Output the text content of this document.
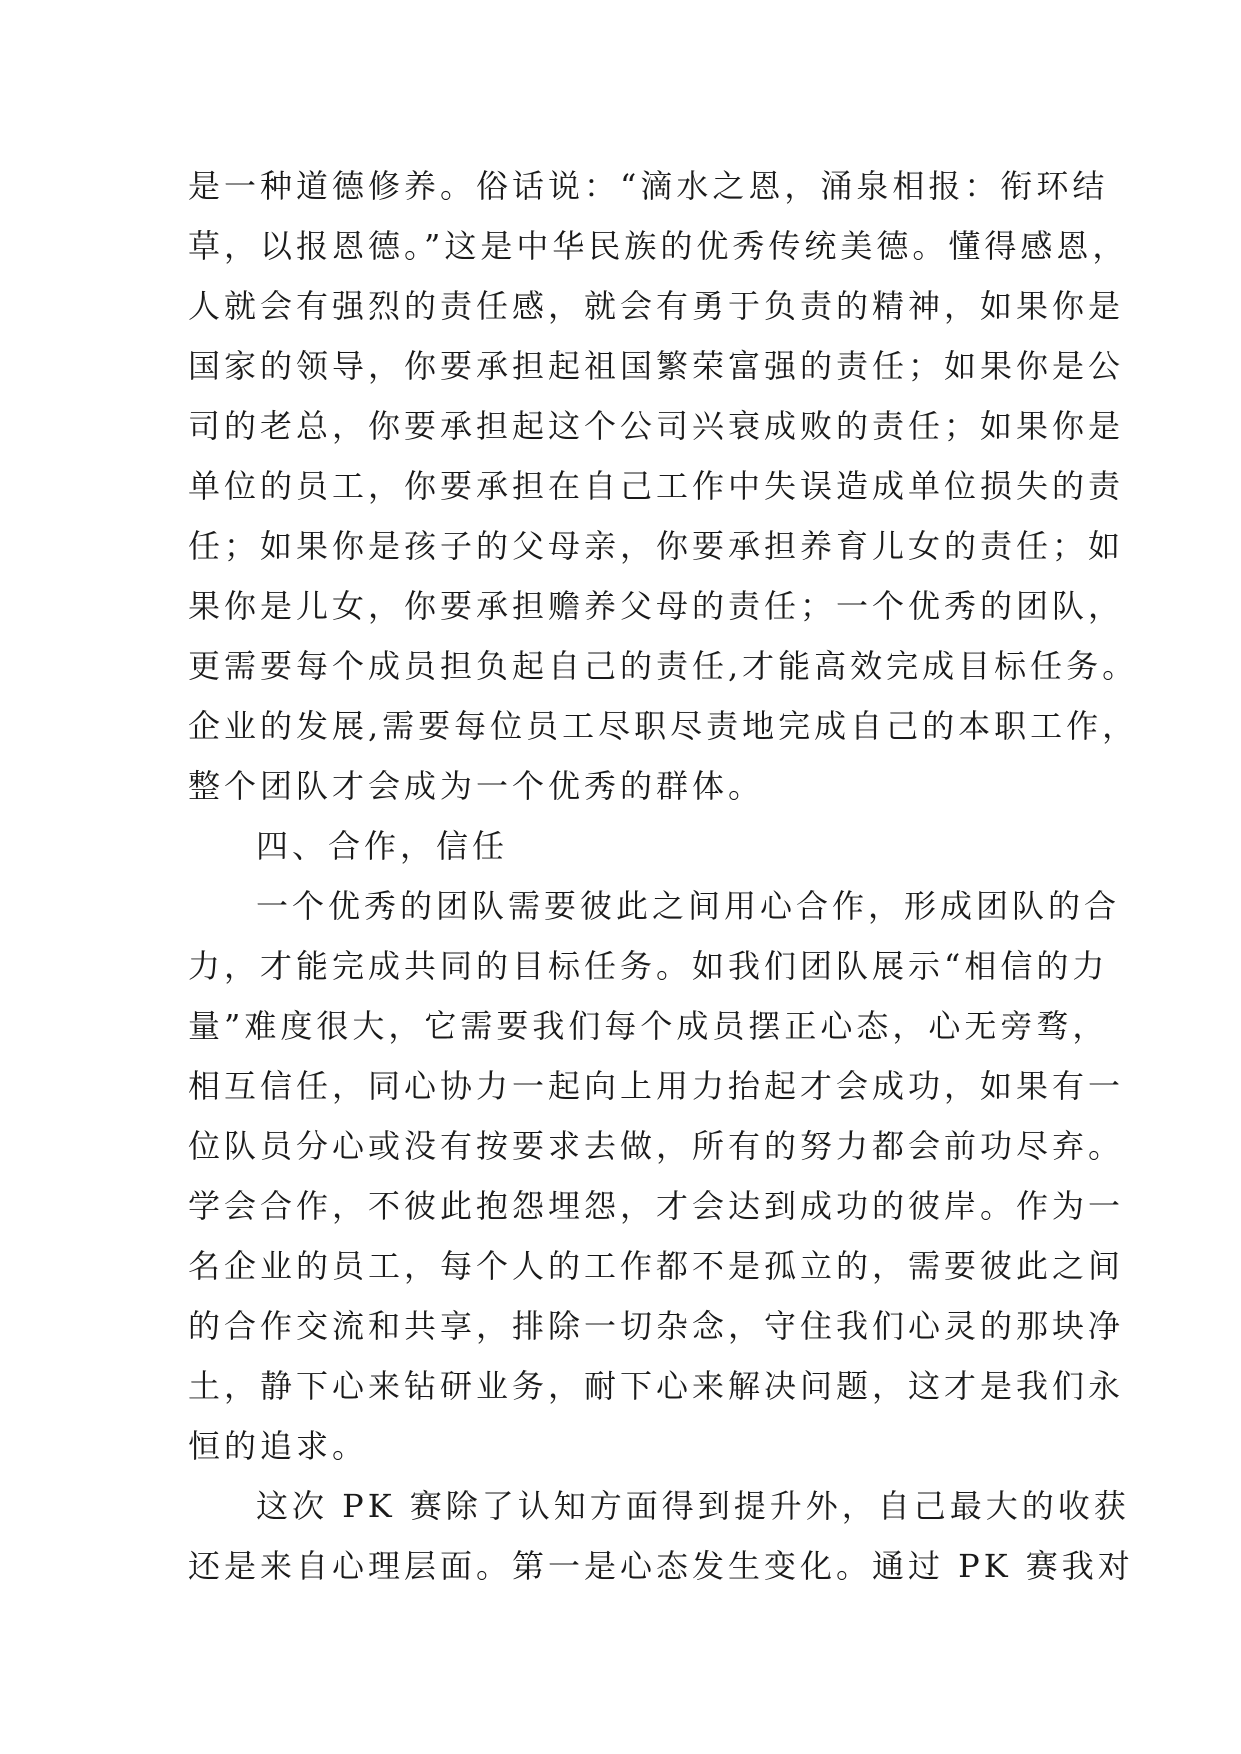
是一种道德修养。俗话说：“滴水之恩，涌泉相报：衔环结
草，以报恩德。”这是中华民族的优秀传统美德。懂得感恩，
人就会有强烈的责任感，就会有勇于负责的精神，如果你是
国家的领导，你要承担起祖国繁荣富强的责任；如果你是公
司的老总，你要承担起这个公司兴衰成败的责任；如果你是
单位的员工，你要承担在自己工作中失误造成单位损失的责
任；如果你是孩子的父母亲，你要承担养育儿女的责任；如
果你是儿女，你要承担赡养父母的责任；一个优秀的团队，
更需要每个成员担负起自己的责任,才能高效完成目标任务。
企业的发展,需要每位员工尽职尽责地完成自己的本职工作，
整个团队才会成为一个优秀的群体。
四、合作，信任
一个优秀的团队需要彼此之间用心合作，形成团队的合
力，才能完成共同的目标任务。如我们团队展示“相信的力
量”难度很大，它需要我们每个成员摆正心态，心无旁骛，
相互信任，同心协力一起向上用力抬起才会成功，如果有一
位队员分心或没有按要求去做，所有的努力都会前功尽弃。
学会合作，不彼此抱怨埋怨，才会达到成功的彼岸。作为一
名企业的员工，每个人的工作都不是孤立的，需要彼此之间
的合作交流和共享，排除一切杂念，守住我们心灵的那块净
土，静下心来钻研业务，耐下心来解决问题，这才是我们永
恒的追求。
这次 PK 赛除了认知方面得到提升外，自己最大的收获
还是来自心理层面。第一是心态发生变化。通过 PK 赛我对
